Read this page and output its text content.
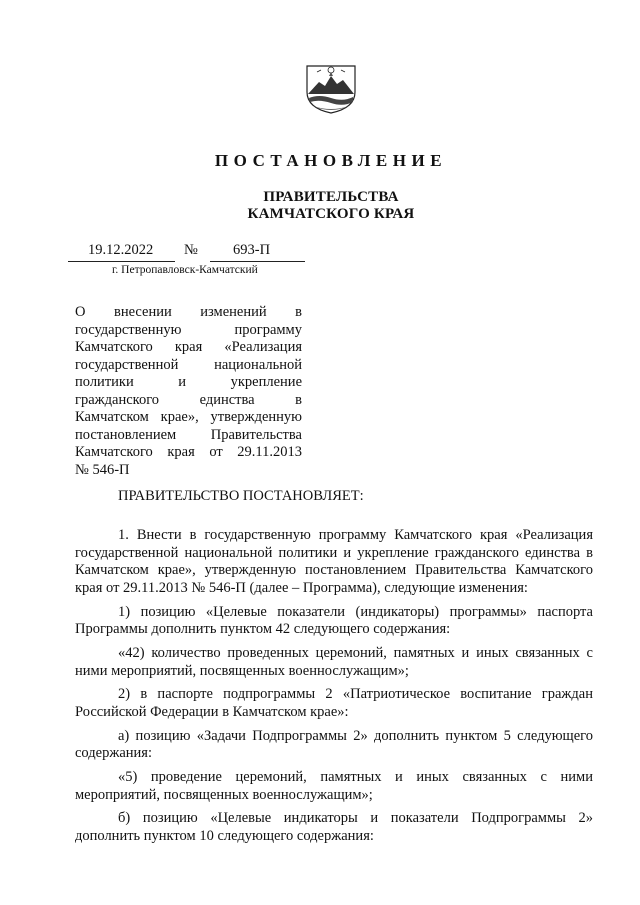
ПОСТАНОВЛЕНИЕ
ПРАВИТЕЛЬСТВА
КАМЧАТСКОГО КРАЯ
19.12.2022 № 693-П
г. Петропавловск-Камчатский
О внесении изменений в
государственную программу
Камчатского края «Реализация
государственной национальной
политики и укрепление
гражданского единства в
Камчатском крае», утвержденную
постановлением Правительства
Камчатского края от 29.11.2013
№ 546-П
ПРАВИТЕЛЬСТВО ПОСТАНОВЛЯЕТ:

1. Внести в государственную программу Камчатского края «Реализация государственной национальной политики и укрепление гражданского единства в Камчатском крае», утвержденную постановлением Правительства Камчатского края от 29.11.2013 № 546-П (далее – Программа), следующие изменения:

1) позицию «Целевые показатели (индикаторы) программы» паспорта Программы дополнить пунктом 42 следующего содержания:

«42) количество проведенных церемоний, памятных и иных связанных с ними мероприятий, посвященных военнослужащим»;

2) в паспорте подпрограммы 2 «Патриотическое воспитание граждан Российской Федерации в Камчатском крае»:

а) позицию «Задачи Подпрограммы 2» дополнить пунктом 5 следующего содержания:

«5) проведение церемоний, памятных и иных связанных с ними мероприятий, посвященных военнослужащим»;

б) позицию «Целевые индикаторы и показатели Подпрограммы 2» дополнить пунктом 10 следующего содержания:
